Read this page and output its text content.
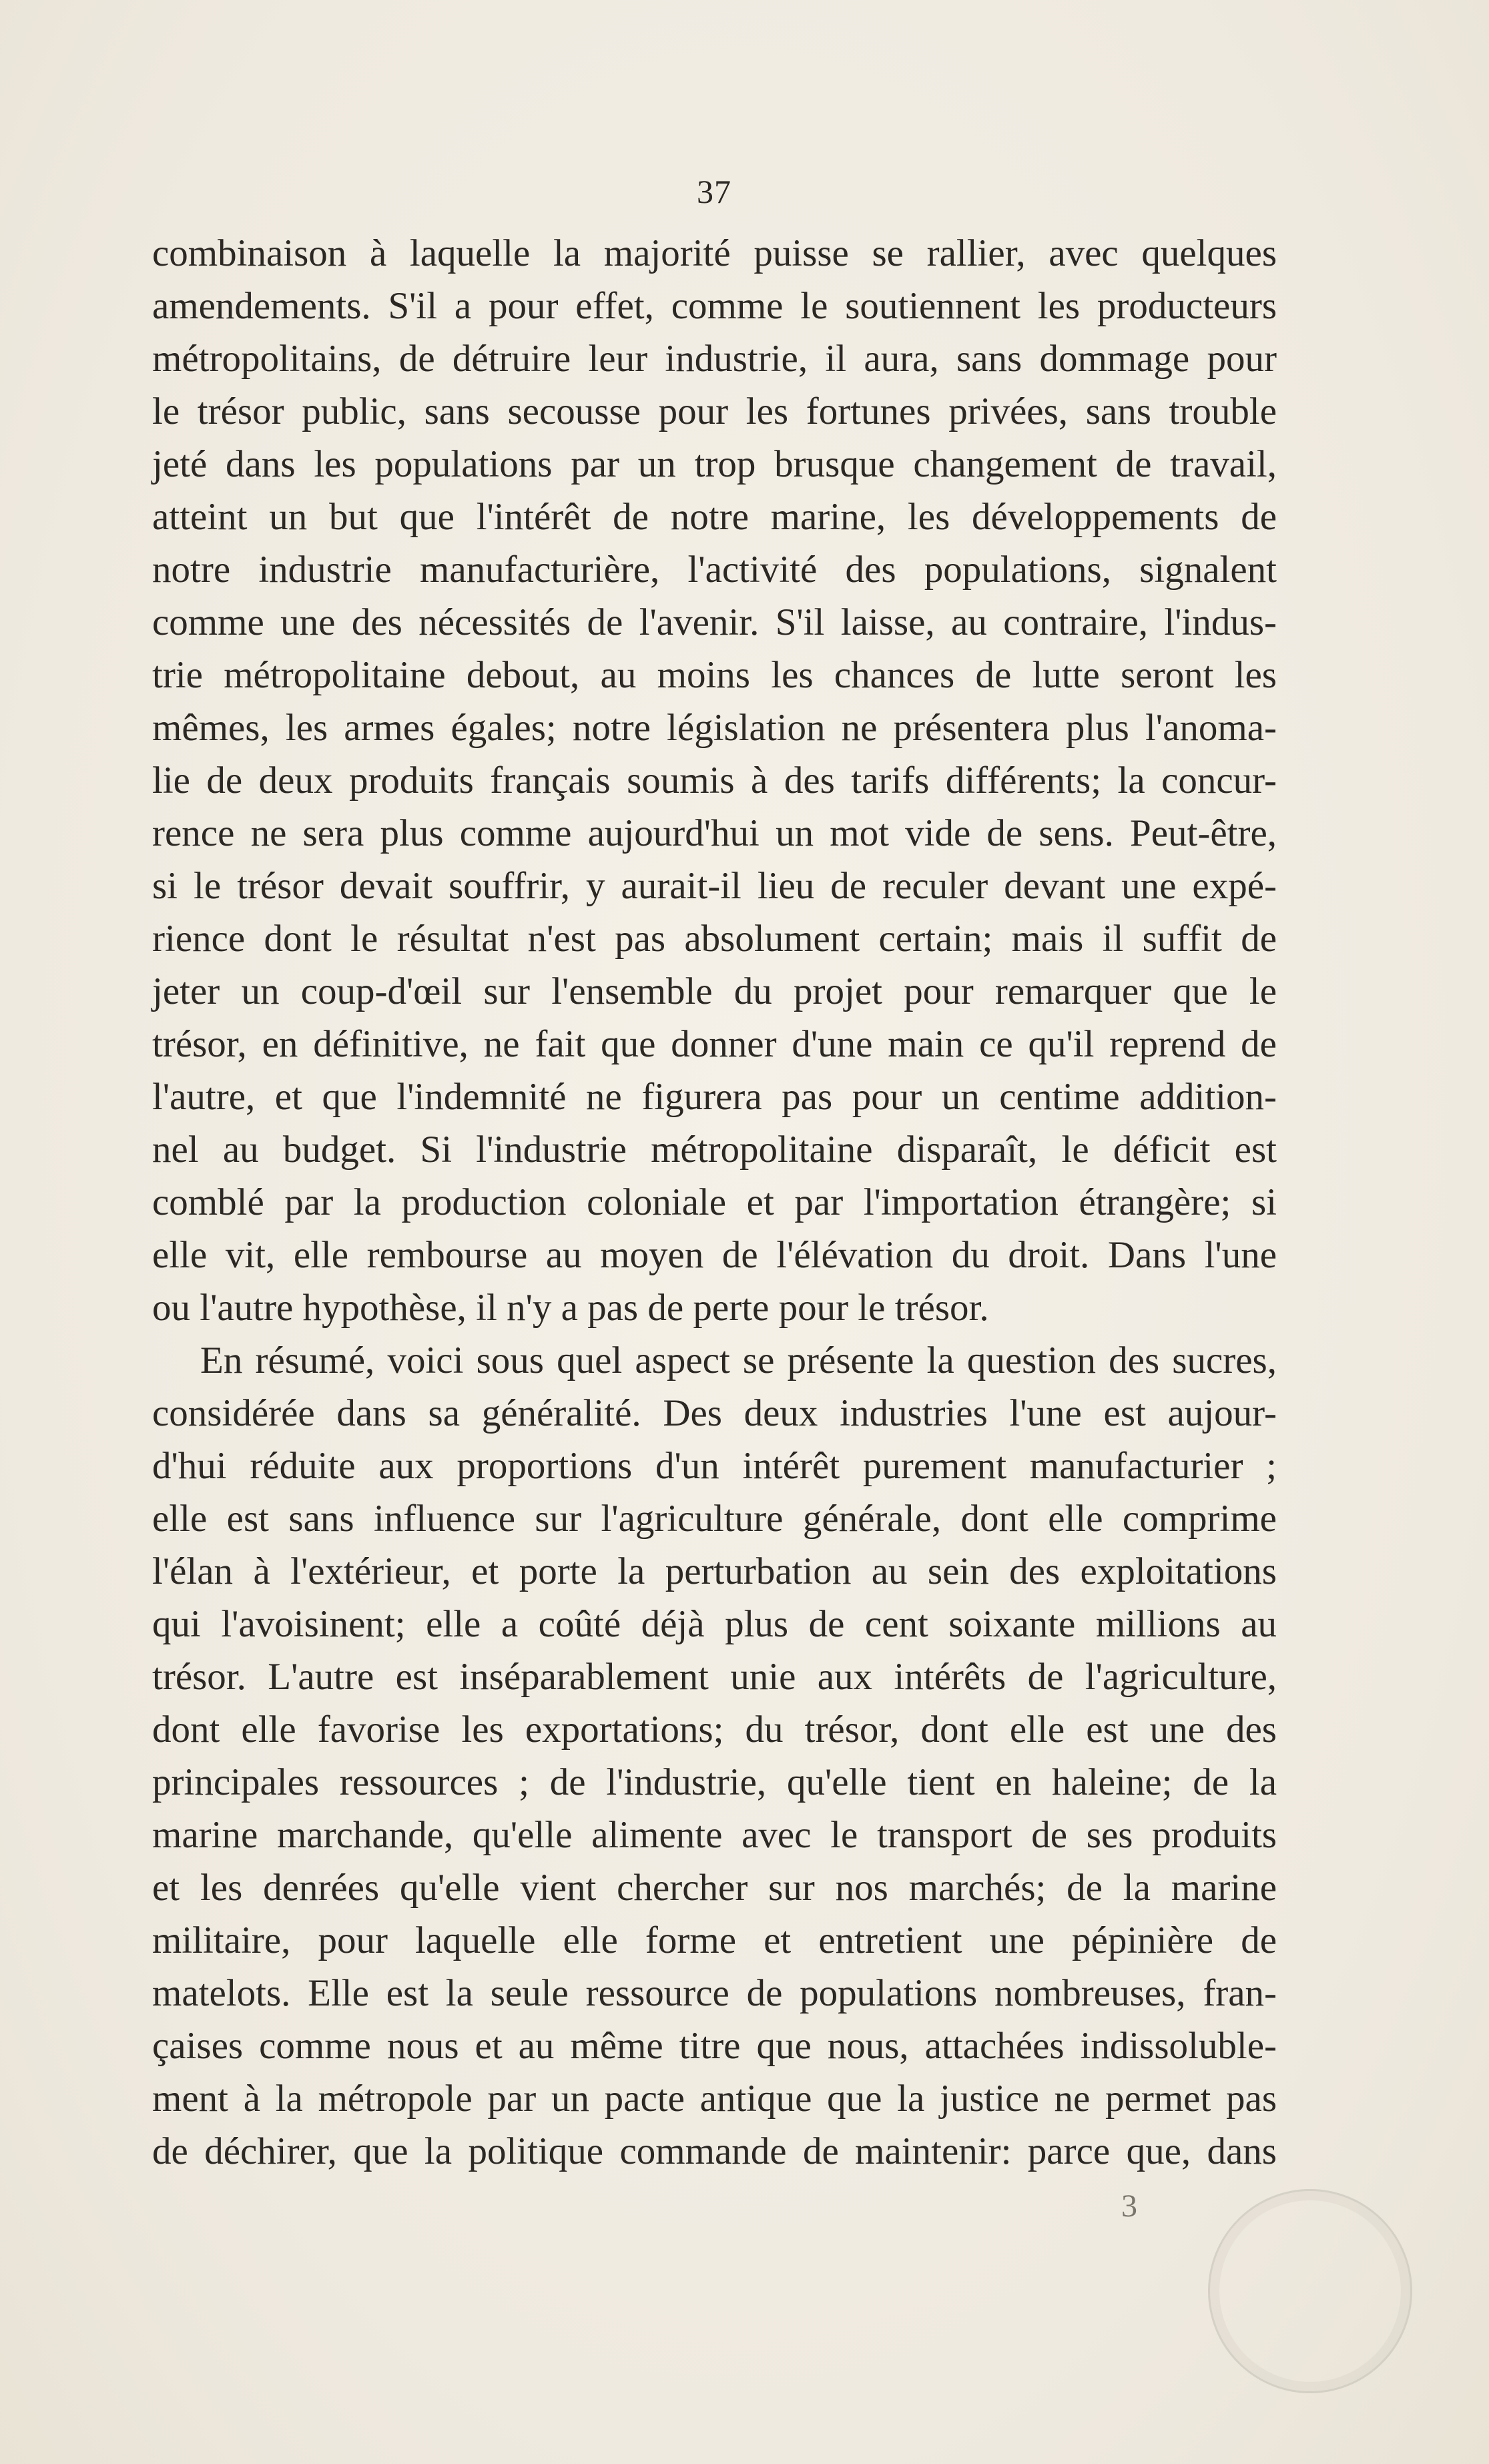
37

combinaison à laquelle la majorité puisse se rallier, avec quelques
amendements. S'il a pour effet, comme le soutiennent les producteurs
métropolitains, de détruire leur industrie, il aura, sans dommage pour
le trésor public, sans secousse pour les fortunes privées, sans trouble
jeté dans les populations par un trop brusque changement de travail,
atteint un but que l'intérêt de notre marine, les développements de
notre industrie manufacturière, l'activité des populations, signalent
comme une des nécessités de l'avenir. S'il laisse, au contraire, l'indus-
trie métropolitaine debout, au moins les chances de lutte seront les
mêmes, les armes égales; notre législation ne présentera plus l'anoma-
lie de deux produits français soumis à des tarifs différents; la concur-
rence ne sera plus comme aujourd'hui un mot vide de sens. Peut-être,
si le trésor devait souffrir, y aurait-il lieu de reculer devant une expé-
rience dont le résultat n'est pas absolument certain; mais il suffit de
jeter un coup-d'œil sur l'ensemble du projet pour remarquer que le
trésor, en définitive, ne fait que donner d'une main ce qu'il reprend de
l'autre, et que l'indemnité ne figurera pas pour un centime addition-
nel au budget. Si l'industrie métropolitaine disparaît, le déficit est
comblé par la production coloniale et par l'importation étrangère; si
elle vit, elle rembourse au moyen de l'élévation du droit. Dans l'une
ou l'autre hypothèse, il n'y a pas de perte pour le trésor.

En résumé, voici sous quel aspect se présente la question des sucres,
considérée dans sa généralité. Des deux industries l'une est aujour-
d'hui réduite aux proportions d'un intérêt purement manufacturier ;
elle est sans influence sur l'agriculture générale, dont elle comprime
l'élan à l'extérieur, et porte la perturbation au sein des exploitations
qui l'avoisinent; elle a coûté déjà plus de cent soixante millions au
trésor. L'autre est inséparablement unie aux intérêts de l'agriculture,
dont elle favorise les exportations; du trésor, dont elle est une des
principales ressources ; de l'industrie, qu'elle tient en haleine; de la
marine marchande, qu'elle alimente avec le transport de ses produits
et les denrées qu'elle vient chercher sur nos marchés; de la marine
militaire, pour laquelle elle forme et entretient une pépinière de
matelots. Elle est la seule ressource de populations nombreuses, fran-
çaises comme nous et au même titre que nous, attachées indissoluble-
ment à la métropole par un pacte antique que la justice ne permet pas
de déchirer, que la politique commande de maintenir: parce que, dans

3
